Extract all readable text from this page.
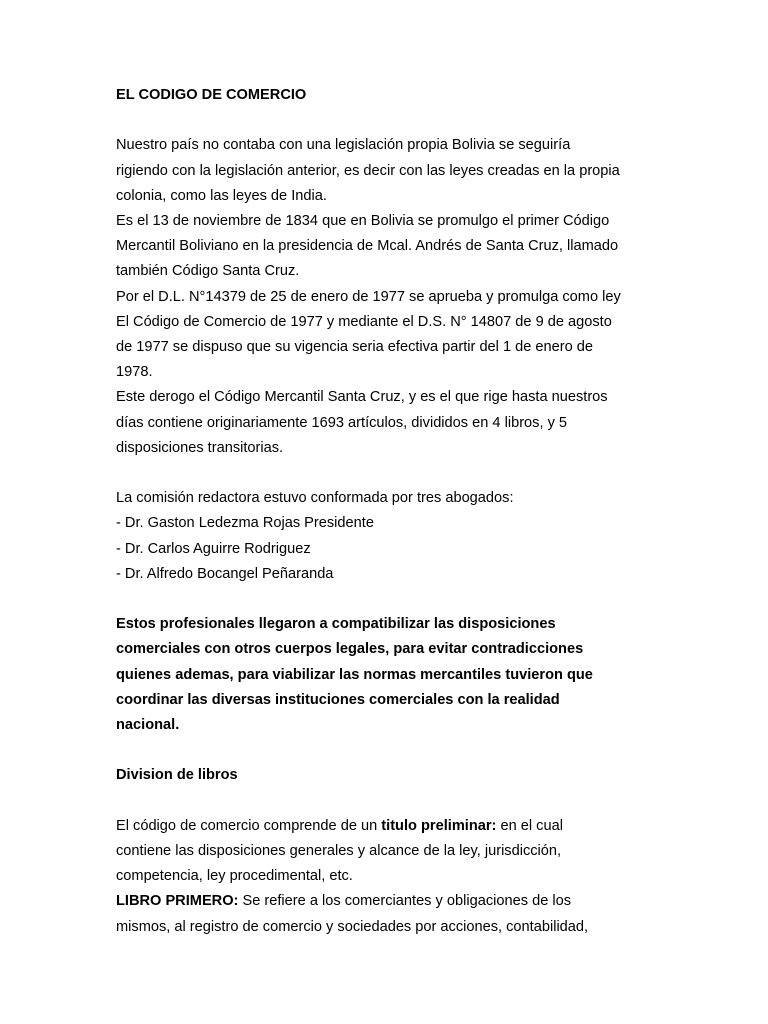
EL CODIGO DE COMERCIO

Nuestro país no contaba con una legislación propia Bolivia se seguiría

rigiendo con la legislación anterior, es decir con las leyes creadas en la propia

colonia, como las leyes de India.

Es el 13 de noviembre de 1834 que en Bolivia se promulgo el primer Código

Mercantil Boliviano en la presidencia de Mcal. Andrés de Santa Cruz, llamado

también Código Santa Cruz.

Por el D.L. N°14379 de 25 de enero de 1977 se aprueba y promulga como ley

El Código de Comercio de 1977 y mediante el D.S. N° 14807 de 9 de agosto

de 1977 se dispuso que su vigencia seria efectiva partir del 1 de enero de

1978.

Este derogo el Código Mercantil Santa Cruz, y es el que rige hasta nuestros

días contiene originariamente 1693 artículos, divididos en 4 libros, y 5

disposiciones transitorias.

La comisión redactora estuvo conformada por tres abogados:

- Dr. Gaston Ledezma Rojas Presidente

- Dr. Carlos Aguirre Rodriguez

- Dr. Alfredo Bocangel Peñaranda

Estos profesionales llegaron a compatibilizar las disposiciones

comerciales con otros cuerpos legales, para evitar contradicciones

quienes ademas, para viabilizar las normas mercantiles tuvieron que

coordinar las diversas instituciones comerciales con la realidad

nacional.

Division de libros

El código de comercio comprende de un titulo preliminar: en el cual

contiene las disposiciones generales y alcance de la ley, jurisdicción,

competencia, ley procedimental, etc.

LIBRO PRIMERO: Se refiere a los comerciantes y obligaciones de los

mismos, al registro de comercio y sociedades por acciones, contabilidad,
